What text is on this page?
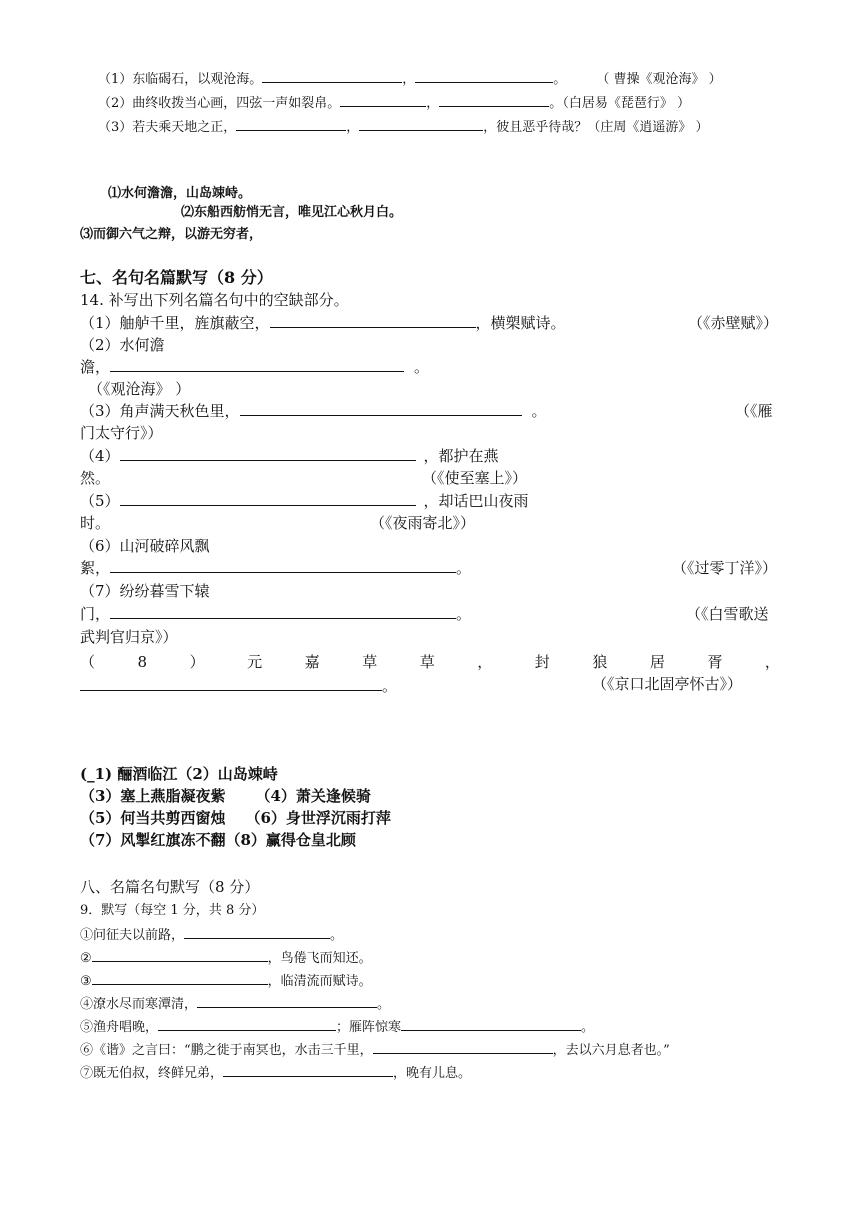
（1）东临碣石，以观沧海。	，	。 （ 曹操《观沧海》 ）
（2）曲终收拨当心画，四弦一声如裂帛。	，	。（白居易《琵琶行》 ）
（3）若夫乘天地之正，	，	，彼且恶乎待哉？（庄周《逍遥游》 ）
⑴水何澹澹，山岛竦峙。
⑵东船西舫悄无言，唯见江心秋月白。
⑶而御六气之辩，以游无穷者，
七、名句名篇默写（8 分）
14. 补写出下列名篇名句中的空缺部分。
（1）舳舻千里，旌旗蔽空，	，横槊赋诗。	（《赤壁赋》）
（2）水何澹
澹，	。
（《观沧海》 ）
（3）角声满天秋色里，	。	（《雁
门太守行》）
（4）	，都护在燕
然。	（《使至塞上》）
（5）	，却话巴山夜雨
时。	（《夜雨寄北》）
（6）山河破碎风飘
絮，	。	（《过零丁洋》）
（7）纷纷暮雪下辕
门，	。	（《白雪歌送
武判官归京》）
（	8	）	元	嘉	草	草	，	封	狼	居	胥	，
。	（《京口北固亭怀古》）
(_1) 酾酒临江（2）山岛竦峙
（3）塞上燕脂凝夜紫 （4）萧关逢候骑
（5）何当共剪西窗烛 （6）身世浮沉雨打萍
（7）风掣红旗冻不翻（8）赢得仓皇北顾
八、名篇名句默写（8 分）
9．默写（每空 1 分，共 8 分）
①问征夫以前路，	。
②	，鸟倦飞而知还。
③	，临清流而赋诗。
④潦水尽而寒潭清，	。
⑤渔舟唱晚，	；雁阵惊寒	。
⑥《谐》之言曰：“鹏之徙于南冥也，水击三千里，	，去以六月息者也。”
⑦既无伯叔，终鲜兄弟，	，晚有儿息。
